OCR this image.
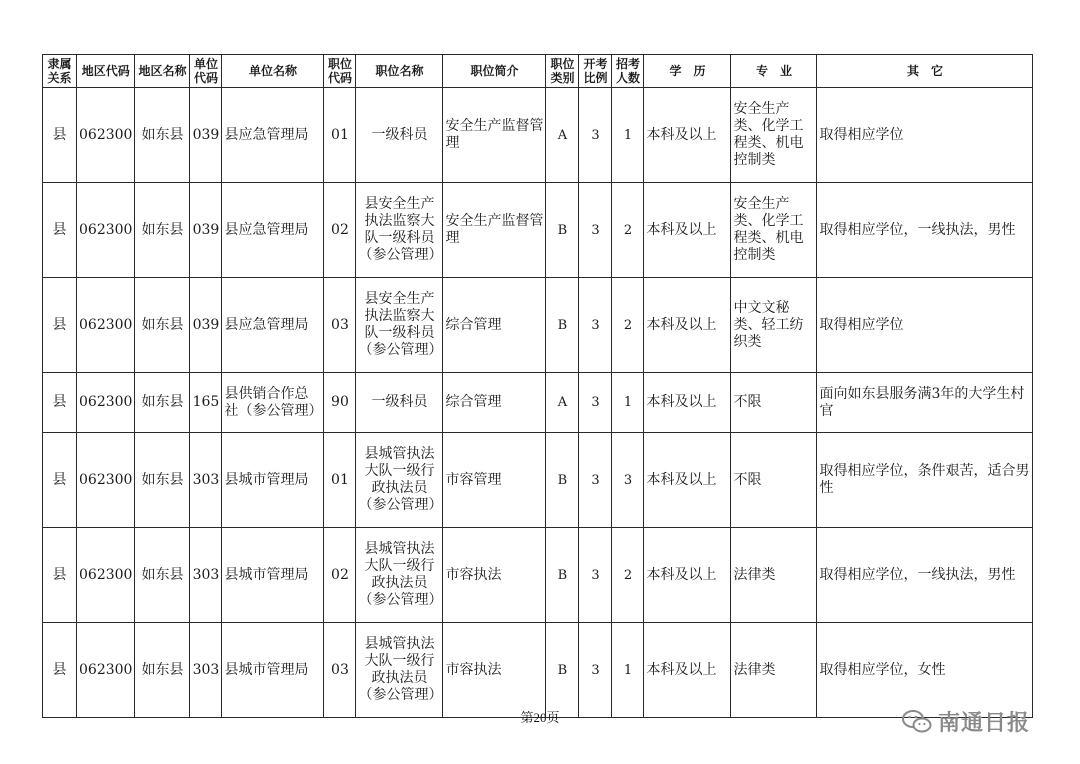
隶属关系	地区代码	地区名称	单位代码	单位名称	职位代码	职位名称	职位简介	职位类别	开考比例	招考人数	学　历	专　业	其　它
县	062300	如东县	039	县应急管理局	01	一级科员	安全生产监督管理	A	3	1	本科及以上	安全生产类、化学工程类、机电控制类	取得相应学位
县	062300	如东县	039	县应急管理局	02	县安全生产执法监察大队一级科员（参公管理）	安全生产监督管理	B	3	2	本科及以上	安全生产类、化学工程类、机电控制类	取得相应学位，一线执法，男性
县	062300	如东县	039	县应急管理局	03	县安全生产执法监察大队一级科员（参公管理）	综合管理	B	3	2	本科及以上	中文文秘类、轻工纺织类	取得相应学位
县	062300	如东县	165	县供销合作总社（参公管理）	90	一级科员	综合管理	A	3	1	本科及以上	不限	面向如东县服务满3年的大学生村官
县	062300	如东县	303	县城市管理局	01	县城管执法大队一级行政执法员（参公管理）	市容管理	B	3	3	本科及以上	不限	取得相应学位，条件艰苦，适合男性
县	062300	如东县	303	县城市管理局	02	县城管执法大队一级行政执法员（参公管理）	市容执法	B	3	2	本科及以上	法律类	取得相应学位，一线执法，男性
县	062300	如东县	303	县城市管理局	03	县城管执法大队一级行政执法员（参公管理）	市容执法	B	3	1	本科及以上	法律类	取得相应学位，女性
第20页	南通日报
